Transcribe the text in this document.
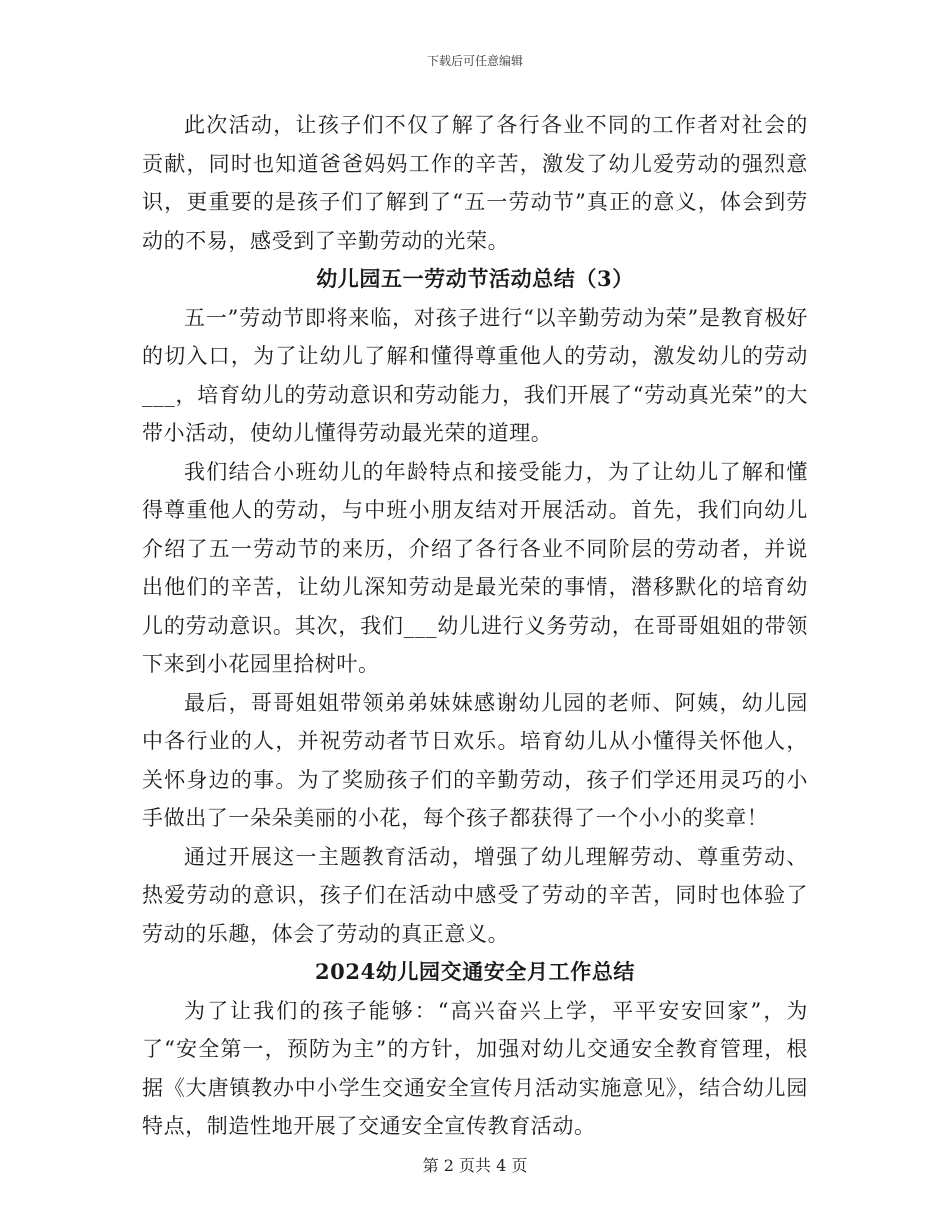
下载后可任意编辑

此次活动，让孩子们不仅了解了各行各业不同的工作者对社会的贡献，同时也知道爸爸妈妈工作的辛苦，激发了幼儿爱劳动的强烈意识，更重要的是孩子们了解到了“五一劳动节”真正的意义，体会到劳动的不易，感受到了辛勤劳动的光荣。

幼儿园五一劳动节活动总结（3）

五一”劳动节即将来临，对孩子进行“以辛勤劳动为荣”是教育极好的切入口，为了让幼儿了解和懂得尊重他人的劳动，激发幼儿的劳动___，培育幼儿的劳动意识和劳动能力，我们开展了“劳动真光荣”的大带小活动，使幼儿懂得劳动最光荣的道理。

我们结合小班幼儿的年龄特点和接受能力，为了让幼儿了解和懂得尊重他人的劳动，与中班小朋友结对开展活动。首先，我们向幼儿介绍了五一劳动节的来历，介绍了各行各业不同阶层的劳动者，并说出他们的辛苦，让幼儿深知劳动是最光荣的事情，潜移默化的培育幼儿的劳动意识。其次，我们___幼儿进行义务劳动，在哥哥姐姐的带领下来到小花园里拾树叶。

最后，哥哥姐姐带领弟弟妹妹感谢幼儿园的老师、阿姨，幼儿园中各行业的人，并祝劳动者节日欢乐。培育幼儿从小懂得关怀他人，关怀身边的事。为了奖励孩子们的辛勤劳动，孩子们学还用灵巧的小手做出了一朵朵美丽的小花，每个孩子都获得了一个小小的奖章！

通过开展这一主题教育活动，增强了幼儿理解劳动、尊重劳动、热爱劳动的意识，孩子们在活动中感受了劳动的辛苦，同时也体验了劳动的乐趣，体会了劳动的真正意义。

2024幼儿园交通安全月工作总结

为了让我们的孩子能够：“高兴奋兴上学，平平安安回家”，为了“安全第一，预防为主”的方针，加强对幼儿交通安全教育管理，根据《大唐镇教办中小学生交通安全宣传月活动实施意见》，结合幼儿园特点，制造性地开展了交通安全宣传教育活动。

第 2 页共 4 页
